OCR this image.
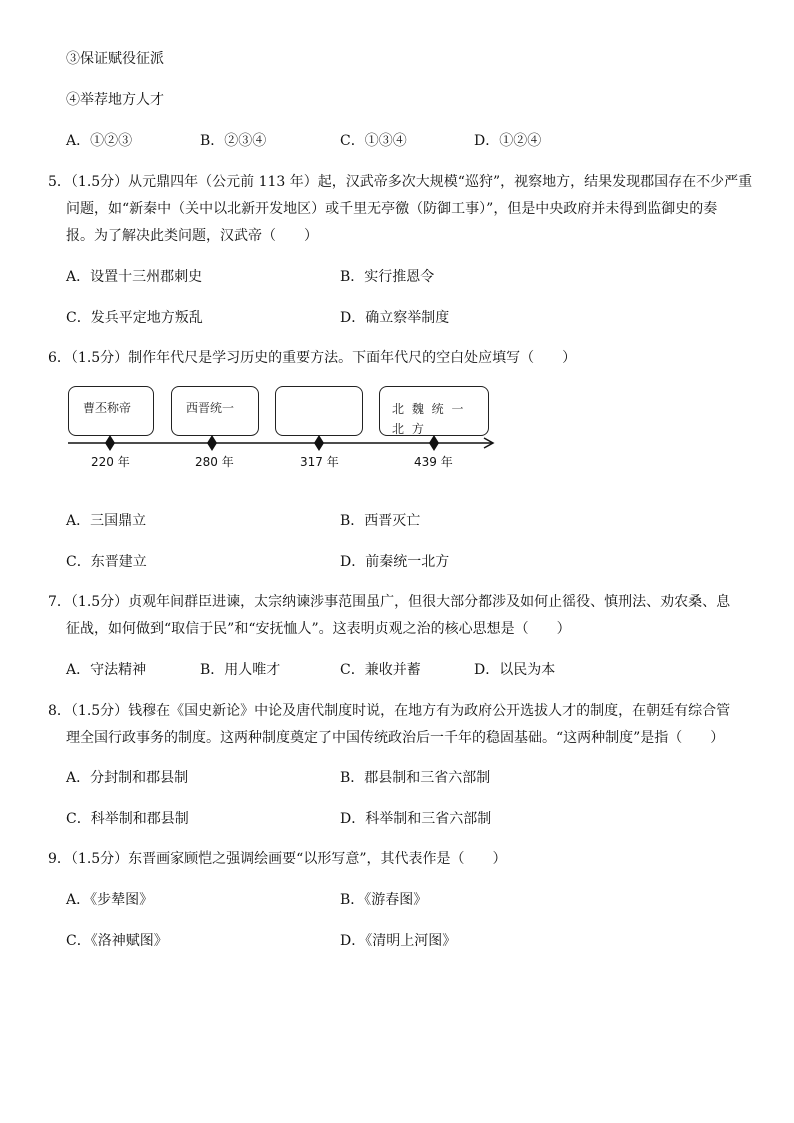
③保证赋役征派
④举荐地方人才
A．①②③	B．②③④	C．①③④	D．①②④
5．（1.5分）从元鼎四年（公元前 113 年）起，汉武帝多次大规模“巡狩”，视察地方，结果发现郡国存在不少严重
问题，如“新秦中（关中以北新开发地区）或千里无亭徼（防御工事）”，但是中央政府并未得到监御史的奏
报。为了解决此类问题，汉武帝（　　）
A．设置十三州郡刺史	B．实行推恩令
C．发兵平定地方叛乱	D．确立察举制度
6．（1.5分）制作年代尺是学习历史的重要方法。下面年代尺的空白处应填写（　　）
曹丕称帝	西晋统一	北 魏 统 一 北 方
220 年	280 年	317 年	439 年
A．三国鼎立	B．西晋灭亡
C．东晋建立	D．前秦统一北方
7．（1.5分）贞观年间群臣进谏，太宗纳谏涉事范围虽广，但很大部分都涉及如何止徭役、慎刑法、劝农桑、息
征战，如何做到“取信于民”和“安抚恤人”。这表明贞观之治的核心思想是（　　）
A．守法精神	B．用人唯才	C．兼收并蓄	D．以民为本
8．（1.5分）钱穆在《国史新论》中论及唐代制度时说，在地方有为政府公开选拔人才的制度，在朝廷有综合管
理全国行政事务的制度。这两种制度奠定了中国传统政治后一千年的稳固基础。“这两种制度”是指（　　）
A．分封制和郡县制	B．郡县制和三省六部制
C．科举制和郡县制	D．科举制和三省六部制
9．（1.5分）东晋画家顾恺之强调绘画要“以形写意”，其代表作是（　　）
A．《步辇图》	B．《游春图》
C．《洛神赋图》	D．《清明上河图》
